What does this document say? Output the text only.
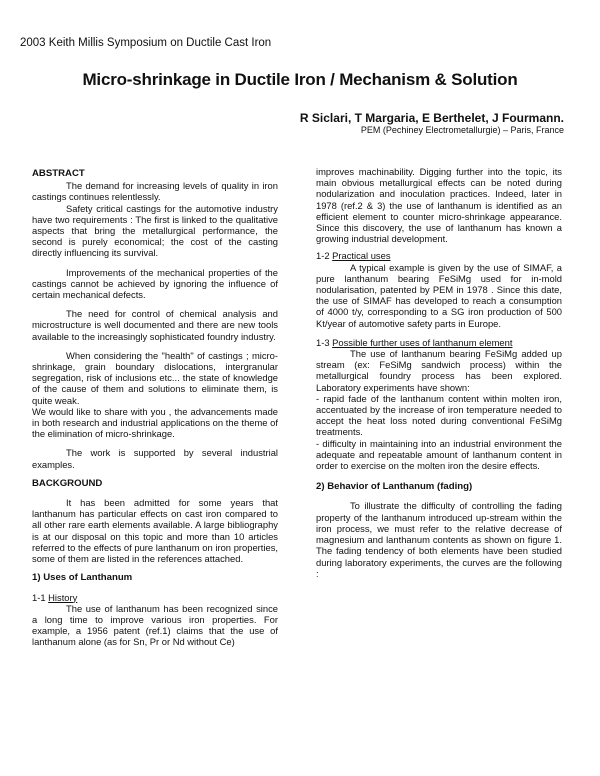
2003 Keith Millis Symposium on Ductile Cast Iron
Micro-shrinkage in Ductile Iron / Mechanism & Solution
R Siclari, T Margaria, E Berthelet, J Fourmann.
PEM (Pechiney Electrometallurgie) – Paris, France
ABSTRACT

The demand for increasing levels of quality in iron castings continues relentlessly.

Safety critical castings for the automotive industry have two requirements : The first is linked to the qualitative aspects that bring the metallurgical performance, the second is purely economical; the cost of the casting directly influencing its survival.

Improvements of the mechanical properties of the castings cannot be achieved by ignoring the influence of certain mechanical defects.

The need for control of chemical analysis and microstructure is well documented and there are new tools available to the increasingly sophisticated foundry industry.

When considering the "health" of castings ; micro-shrinkage, grain boundary dislocations, intergranular segregation, risk of inclusions etc... the state of knowledge of the cause of them and solutions to eliminate them, is quite weak.

We would like to share with you , the advancements made in both research and industrial applications on the theme of the elimination of micro-shrinkage.

The work is supported by several industrial examples.

BACKGROUND

It has been admitted for some years that lanthanum has particular effects on cast iron compared to all other rare earth elements available. A large bibliography is at our disposal on this topic and more than 10 articles referred to the effects of pure lanthanum on iron properties, some of them are listed in the references attached.

1) Uses of Lanthanum
1-1 History

The use of lanthanum has been recognized since a long time to improve various iron properties. For example, a 1956 patent (ref.1) claims that the use of lanthanum alone (as for Sn, Pr or Nd without Ce)

improves machinability. Digging further into the topic, its main obvious metallurgical effects can be noted during nodularization and inoculation practices. Indeed, later in 1978 (ref.2 & 3) the use of lanthanum is identified as an efficient element to counter micro-shrinkage appearance. Since this discovery, the use of lanthanum has known a growing industrial development.

1-2 Practical uses

A typical example is given by the use of SIMAF, a pure lanthanum bearing FeSiMg used for in-mold nodularisation, patented by PEM in 1978 . Since this date, the use of SIMAF has developed to reach a consumption of 4000 t/y, corresponding to a SG iron production of 500 Kt/year of automotive safety parts in Europe.

1-3 Possible further uses of lanthanum element

The use of lanthanum bearing FeSiMg added up stream (ex: FeSiMg sandwich process) within the metallurgical foundry process has been explored. Laboratory experiments have shown:

- rapid fade of the lanthanum content within molten iron, accentuated by the increase of iron temperature needed to accept the heat loss noted during conventional FeSiMg treatments.

- difficulty in maintaining into an industrial environment the adequate and repeatable amount of lanthanum content in order to exercise on the molten iron the desire effects.

2) Behavior of Lanthanum (fading)

To illustrate the difficulty of controlling the fading property of the lanthanum introduced up-stream within the iron process, we must refer to the relative decrease of magnesium and lanthanum contents as shown on figure 1. The fading tendency of both elements have been studied during laboratory experiments, the curves are the following :
